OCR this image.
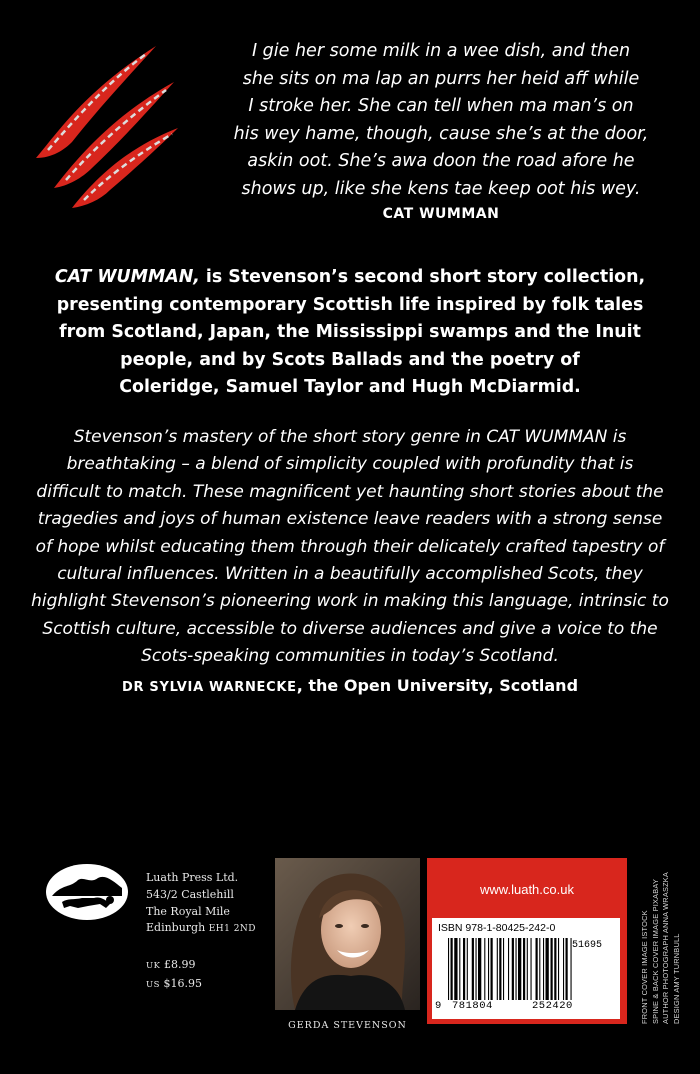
I gie her some milk in a wee dish, and then
she sits on ma lap an purrs her heid aff while
I stroke her. She can tell when ma man’s on
his wey hame, though, cause she’s at the door,
askin oot. She’s awa doon the road afore he
shows up, like she kens tae keep oot his wey.
CAT WUMMAN
CAT WUMMAN, is Stevenson’s second short story collection,
presenting contemporary Scottish life inspired by folk tales
from Scotland, Japan, the Mississippi swamps and the Inuit
people, and by Scots Ballads and the poetry of
Coleridge, Samuel Taylor and Hugh McDiarmid.
Stevenson’s mastery of the short story genre in CAT WUMMAN is
breathtaking – a blend of simplicity coupled with profundity that is
difficult to match. These magnificent yet haunting short stories about the
tragedies and joys of human existence leave readers with a strong sense
of hope whilst educating them through their delicately crafted tapestry of
cultural influences. Written in a beautifully accomplished Scots, they
highlight Stevenson’s pioneering work in making this language, intrinsic to
Scottish culture, accessible to diverse audiences and give a voice to the
Scots-speaking communities in today’s Scotland.
DR SYLVIA WARNECKE, the Open University, Scotland
Luath Press Ltd.
543/2 Castlehill
The Royal Mile
Edinburgh EH1 2ND
UK £8.99
US $16.95
GERDA STEVENSON
www.luath.co.uk
ISBN 978-1-80425-242-0
51695
9 781804	252420	FRONT COVER IMAGE ISTOCK SPINE & BACK COVER IMAGE PIXABAY AUTHOR PHOTOGRAPH ANNA WRASZKA DESIGN AMY TURNBULL
